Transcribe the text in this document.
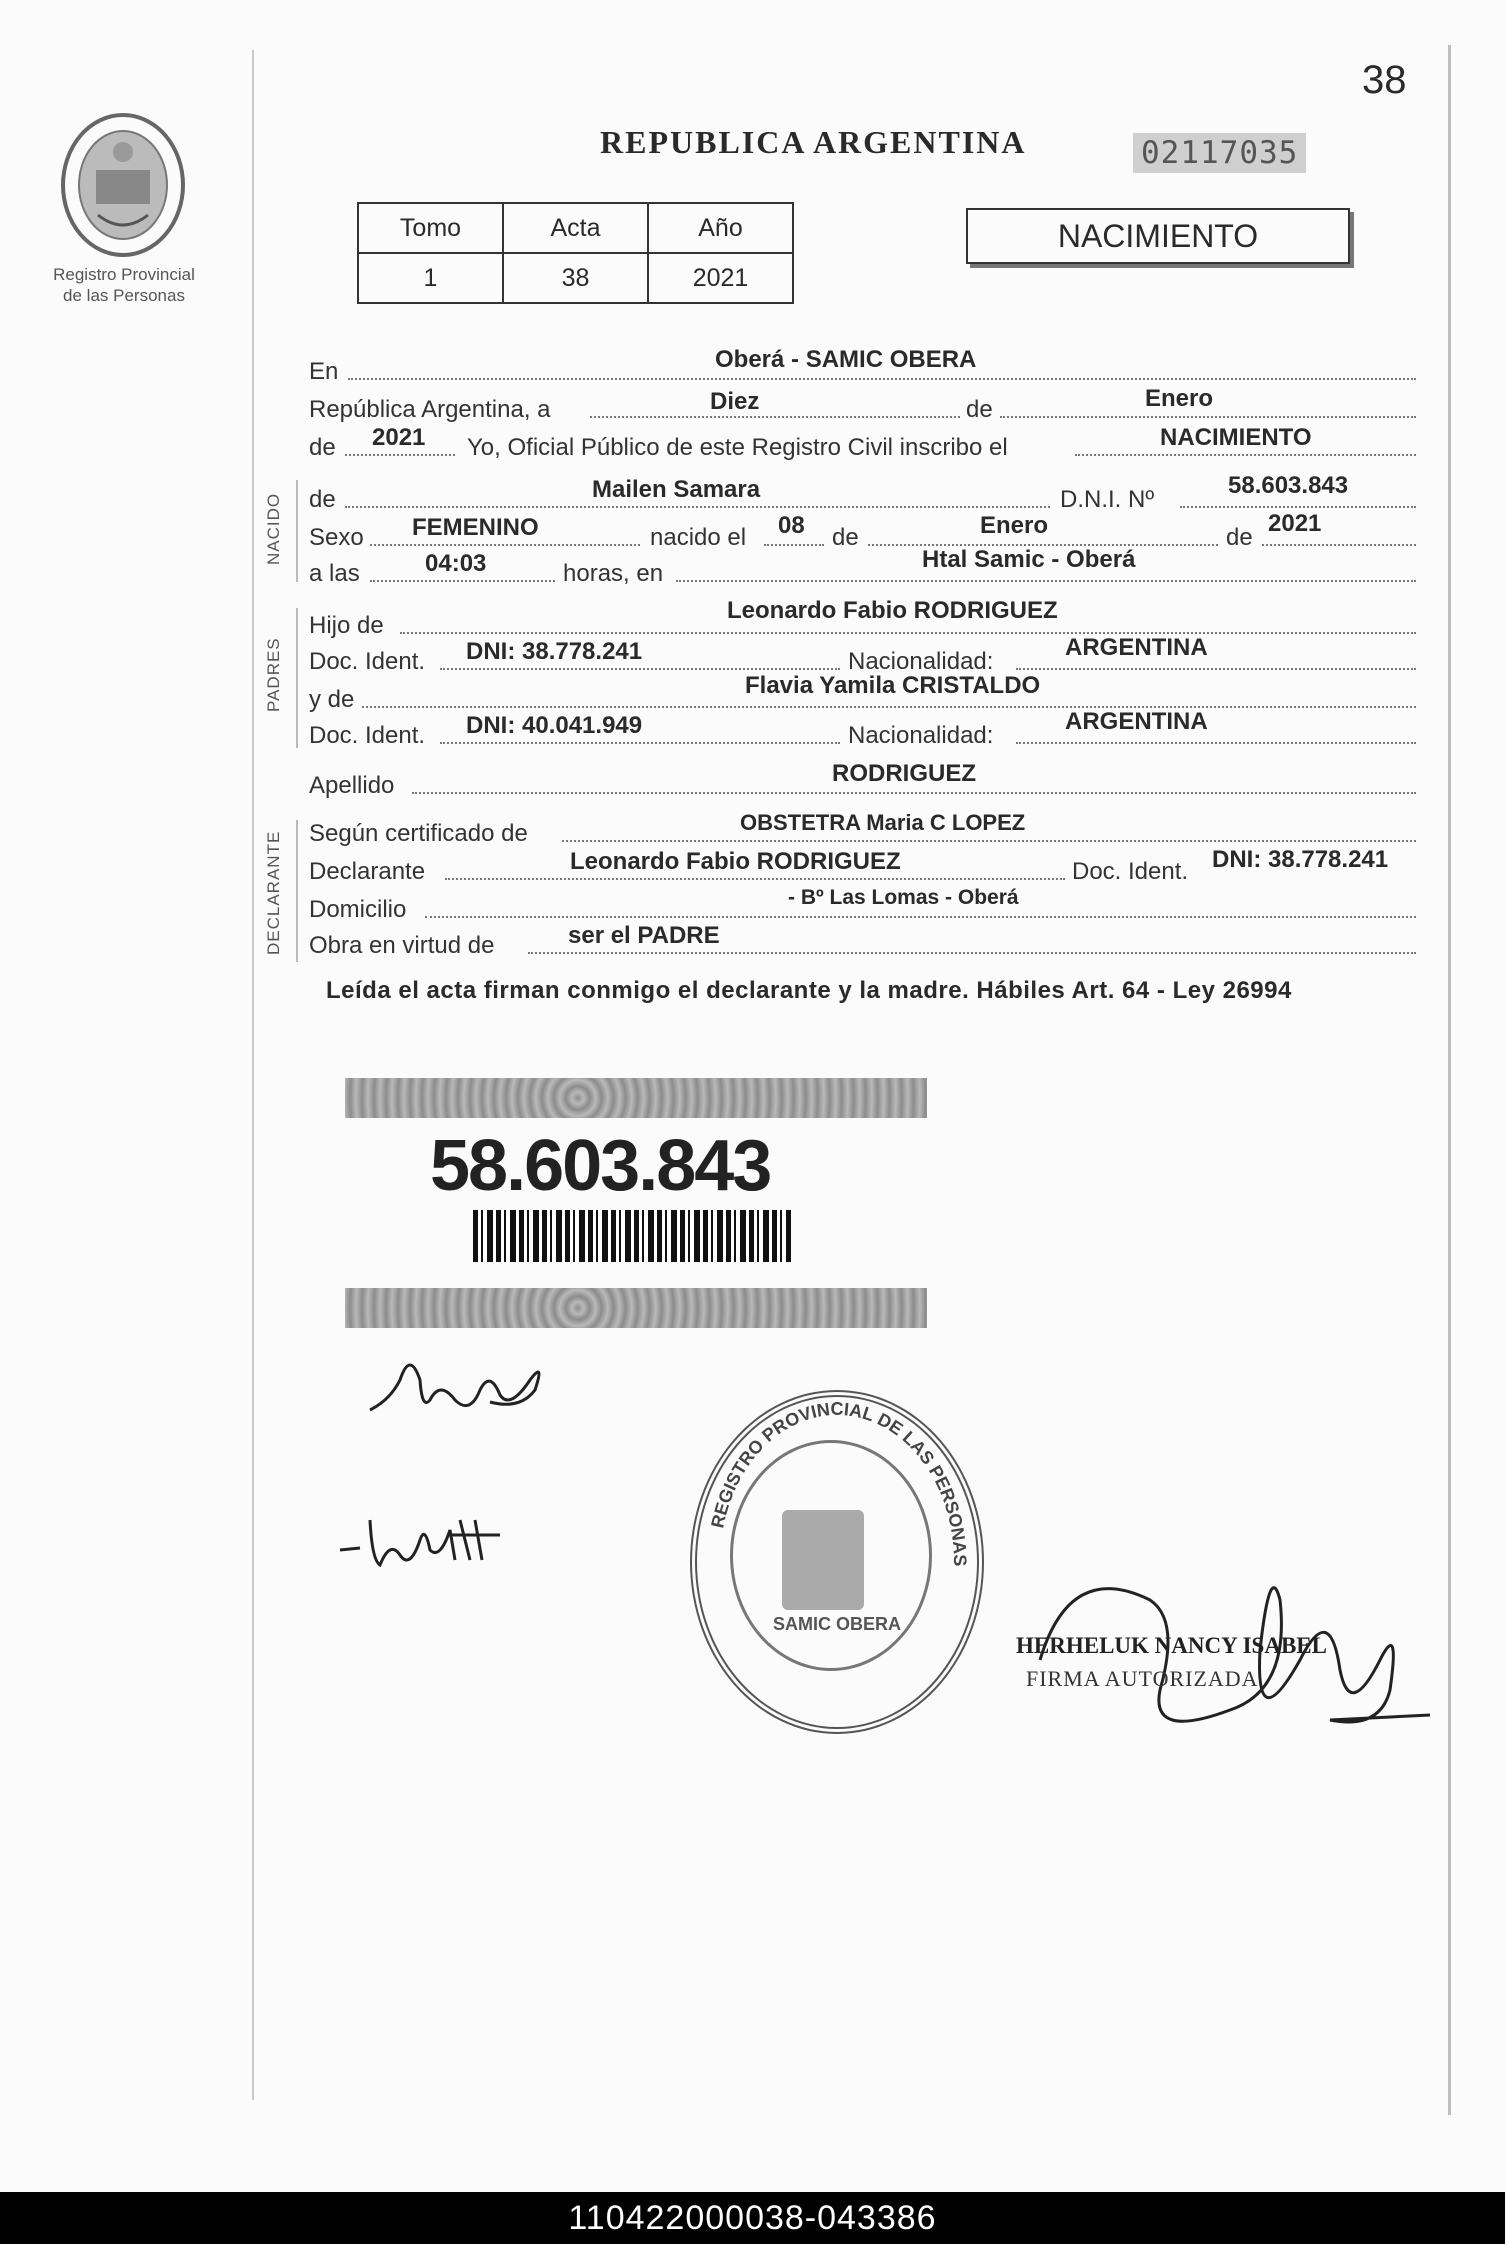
38
Registro Provincial
de las Personas
REPUBLICA ARGENTINA	02117035
Tomo	Acta	Año
1	38	2021
NACIMIENTO
En	Oberá - SAMIC OBERA
República Argentina, a	Diez	de	Enero
de 2021 Yo, Oficial Público de este Registro Civil inscribo el	NACIMIENTO
NACIDO de	Mailen Samara	D.N.I. Nº
58.603.843
Sexo FEMENINO	nacido el 08 de	Enero	de
2021
a las	04:03	horas, en
Htal Samic - Oberá
PADRES
Hijo de
Leonardo Fabio RODRIGUEZ
Doc. Ident. DNI: 38.778.241	Nacionalidad:
ARGENTINA
y de
Flavia Yamila CRISTALDO
Doc. Ident. DNI: 40.041.949	Nacionalidad:
ARGENTINA
Apellido	RODRIGUEZ
DECLARANTE Según certificado de	OBSTETRA Maria C LOPEZ
Declarante	Leonardo Fabio RODRIGUEZ	Doc. Ident. DNI: 38.778.241
Domicilio	- Bº Las Lomas - Oberá
Obra en virtud de	ser el PADRE
Leída el acta firman conmigo el declarante y la madre. Hábiles Art. 64 - Ley 26994
58.603.843
REGISTRO PROVINCIAL DE LAS PERSONAS
SAMIC OBERA
HERHELUK NANCY ISABEL
FIRMA AUTORIZADA
110422000038-043386
